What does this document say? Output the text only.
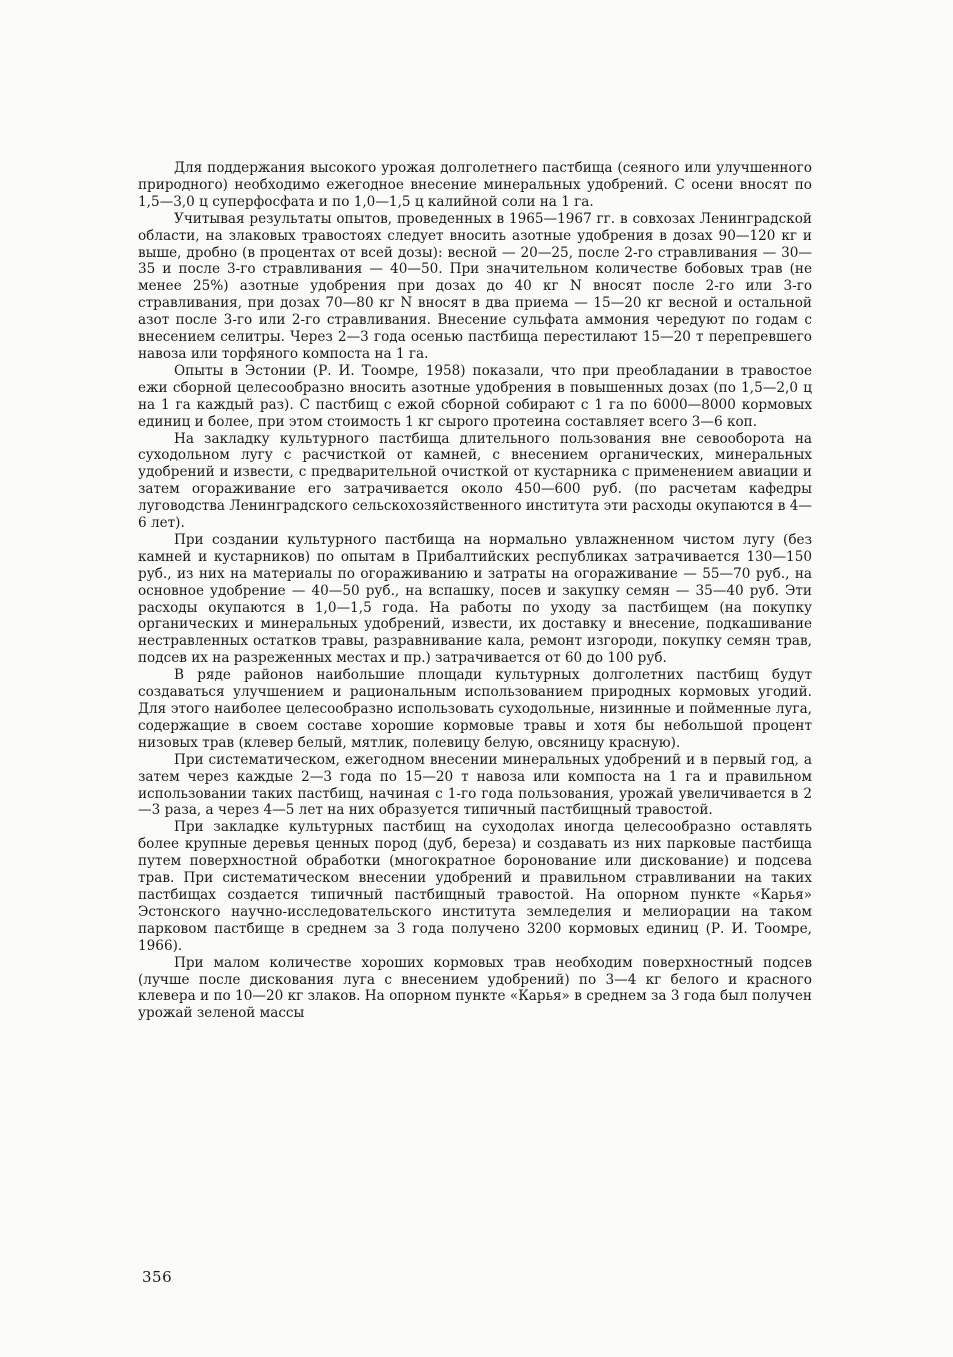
Для поддержания высокого урожая долголетнего пастбища (сеяного или улучшенного природного) необходимо ежегодное внесение минеральных удобрений. С осени вносят по 1,5—3,0 ц суперфосфата и по 1,0—1,5 ц калийной соли на 1 га.

Учитывая результаты опытов, проведенных в 1965—1967 гг. в совхозах Ленинградской области, на злаковых травостоях следует вносить азотные удобрения в дозах 90—120 кг и выше, дробно (в процентах от всей дозы): весной — 20—25, после 2-го стравливания — 30—35 и после 3-го стравливания — 40—50. При значительном количестве бобовых трав (не менее 25%) азотные удобрения при дозах до 40 кг N вносят после 2-го или 3-го стравливания, при дозах 70—80 кг N вносят в два приема — 15—20 кг весной и остальной азот после 3-го или 2-го стравливания. Внесение сульфата аммония чередуют по годам с внесением селитры. Через 2—3 года осенью пастбища перестилают 15—20 т перепревшего навоза или торфяного компоста на 1 га.

Опыты в Эстонии (Р. И. Тоомре, 1958) показали, что при преобладании в травостое ежи сборной целесообразно вносить азотные удобрения в повышенных дозах (по 1,5—2,0 ц на 1 га каждый раз). С пастбищ с ежой сборной собирают с 1 га по 6000—8000 кормовых единиц и более, при этом стоимость 1 кг сырого протеина составляет всего 3—6 коп.

На закладку культурного пастбища длительного пользования вне севооборота на суходольном лугу с расчисткой от камней, с внесением органических, минеральных удобрений и извести, с предварительной очисткой от кустарника с применением авиации и затем огораживание его затрачивается около 450—600 руб. (по расчетам кафедры луговодства Ленинградского сельскохозяйственного института эти расходы окупаются в 4—6 лет).

При создании культурного пастбища на нормально увлажненном чистом лугу (без камней и кустарников) по опытам в Прибалтийских республиках затрачивается 130—150 руб., из них на материалы по огораживанию и затраты на огораживание — 55—70 руб., на основное удобрение — 40—50 руб., на вспашку, посев и закупку семян — 35—40 руб. Эти расходы окупаются в 1,0—1,5 года. На работы по уходу за пастбищем (на покупку органических и минеральных удобрений, извести, их доставку и внесение, подкашивание нестравленных остатков травы, разравнивание кала, ремонт изгороди, покупку семян трав, подсев их на разреженных местах и пр.) затрачивается от 60 до 100 руб.

В ряде районов наибольшие площади культурных долголетних пастбищ будут создаваться улучшением и рациональным использованием природных кормовых угодий. Для этого наиболее целесообразно использовать суходольные, низинные и пойменные луга, содержащие в своем составе хорошие кормовые травы и хотя бы небольшой процент низовых трав (клевер белый, мятлик, полевицу белую, овсяницу красную).

При систематическом, ежегодном внесении минеральных удобрений и в первый год, а затем через каждые 2—3 года по 15—20 т навоза или компоста на 1 га и правильном использовании таких пастбищ, начиная с 1-го года пользования, урожай увеличивается в 2—3 раза, а через 4—5 лет на них образуется типичный пастбищный травостой.

При закладке культурных пастбищ на суходолах иногда целесообразно оставлять более крупные деревья ценных пород (дуб, береза) и создавать из них парковые пастбища путем поверхностной обработки (многократное боронование или дискование) и подсева трав. При систематическом внесении удобрений и правильном стравливании на таких пастбищах создается типичный пастбищный травостой. На опорном пункте «Карья» Эстонского научно-исследовательского института земледелия и мелиорации на таком парковом пастбище в среднем за 3 года получено 3200 кормовых единиц (Р. И. Тоомре, 1966).

При малом количестве хороших кормовых трав необходим поверхностный подсев (лучше после дискования луга с внесением удобрений) по 3—4 кг белого и красного клевера и по 10—20 кг злаков. На опорном пункте «Карья» в среднем за 3 года был получен урожай зеленой массы

356
